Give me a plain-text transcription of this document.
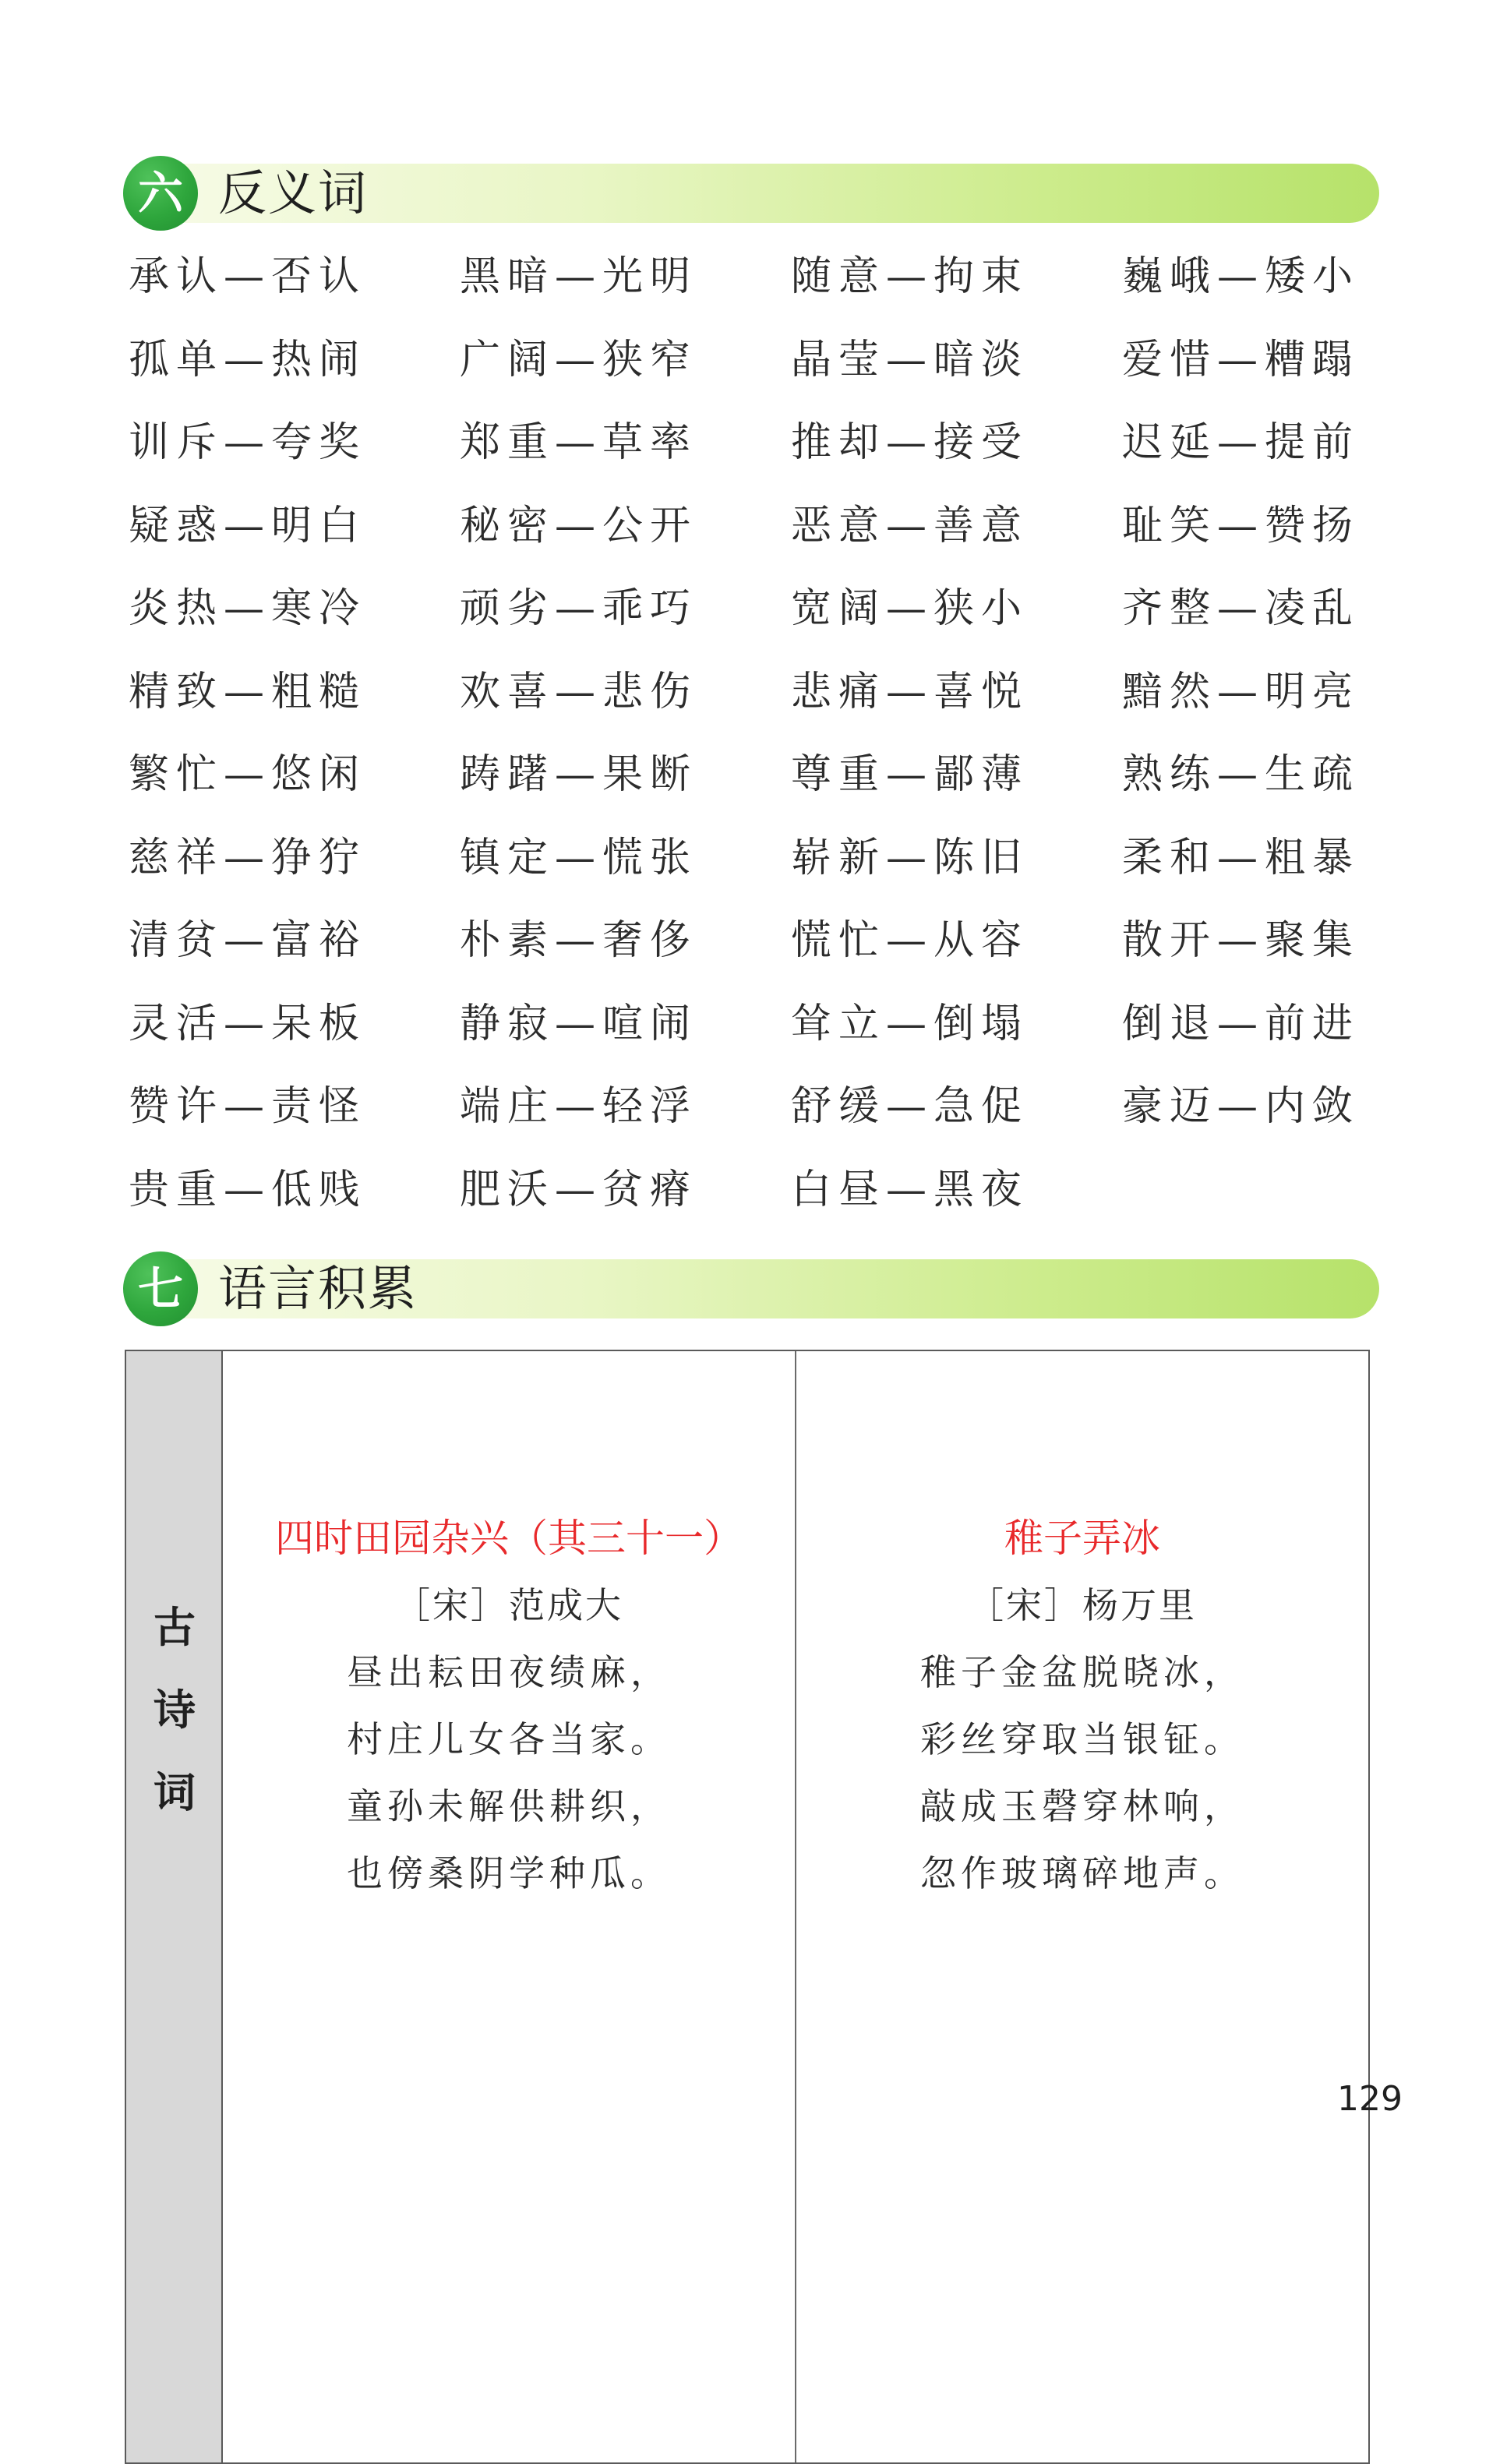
六 反义词
承认—否认 黑暗—光明 随意—拘束 巍峨—矮小
孤单—热闹 广阔—狭窄 晶莹—暗淡 爱惜—糟蹋
训斥—夸奖 郑重—草率 推却—接受 迟延—提前
疑惑—明白 秘密—公开 恶意—善意 耻笑—赞扬
炎热—寒冷 顽劣—乖巧 宽阔—狭小 齐整—凌乱
精致—粗糙 欢喜—悲伤 悲痛—喜悦 黯然—明亮
繁忙—悠闲 踌躇—果断 尊重—鄙薄 熟练—生疏
慈祥—狰狞 镇定—慌张 崭新—陈旧 柔和—粗暴
清贫—富裕 朴素—奢侈 慌忙—从容 散开—聚集
灵活—呆板 静寂—喧闹 耸立—倒塌 倒退—前进
赞许—责怪 端庄—轻浮 舒缓—急促 豪迈—内敛
贵重—低贱 肥沃—贫瘠 白昼—黑夜
七 语言积累
古
诗
词
四时田园杂兴（其三十一）
［宋］范成大
昼出耘田夜绩麻，
村庄儿女各当家。
童孙未解供耕织，
也傍桑阴学种瓜。
稚子弄冰
［宋］杨万里
稚子金盆脱晓冰，
彩丝穿取当银钲。
敲成玉磬穿林响，
忽作玻璃碎地声。
129
